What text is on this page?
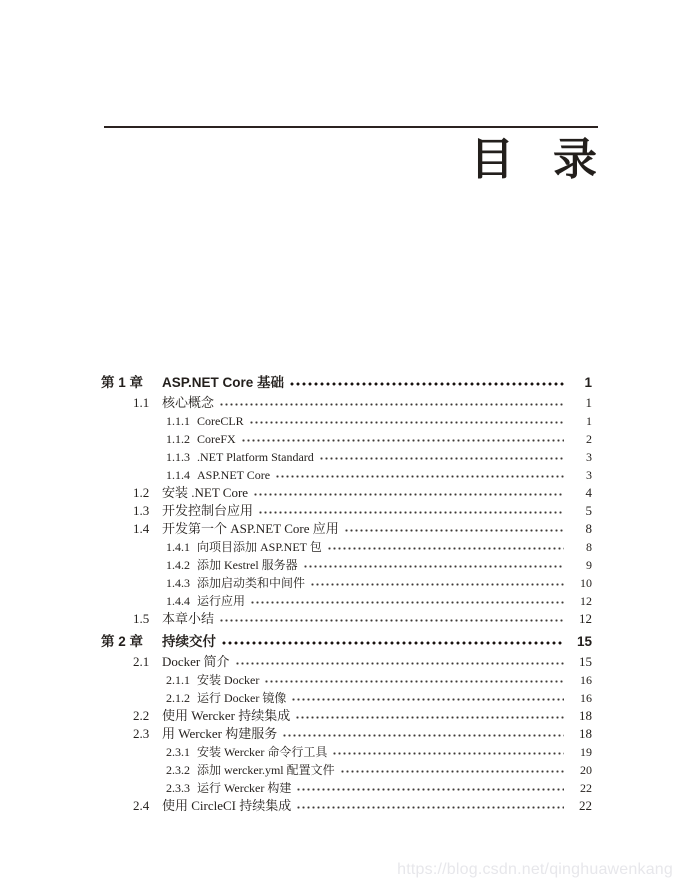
目 录
第 1 章	ASP.NET Core 基础	1
1.1 核心概念	1
1.1.1 CoreCLR	1
1.1.2 CoreFX	2
1.1.3 .NET Platform Standard	3
1.1.4 ASP.NET Core	3
1.2 安装 .NET Core	4
1.3 开发控制台应用	5
1.4 开发第一个 ASP.NET Core 应用	8
1.4.1 向项目添加 ASP.NET 包	8
1.4.2 添加 Kestrel 服务器	9
1.4.3 添加启动类和中间件	10
1.4.4 运行应用	12
1.5 本章小结	12
第 2 章	持续交付	15
2.1 Docker 简介	15
2.1.1 安装 Docker	16
2.1.2 运行 Docker 镜像	16
2.2 使用 Wercker 持续集成	18
2.3 用 Wercker 构建服务	18
2.3.1 安装 Wercker 命令行工具	19
2.3.2 添加 wercker.yml 配置文件	20
2.3.3 运行 Wercker 构建	22
2.4 使用 CircleCI 持续集成	22
https://blog.csdn.net/qinghuawenkang
